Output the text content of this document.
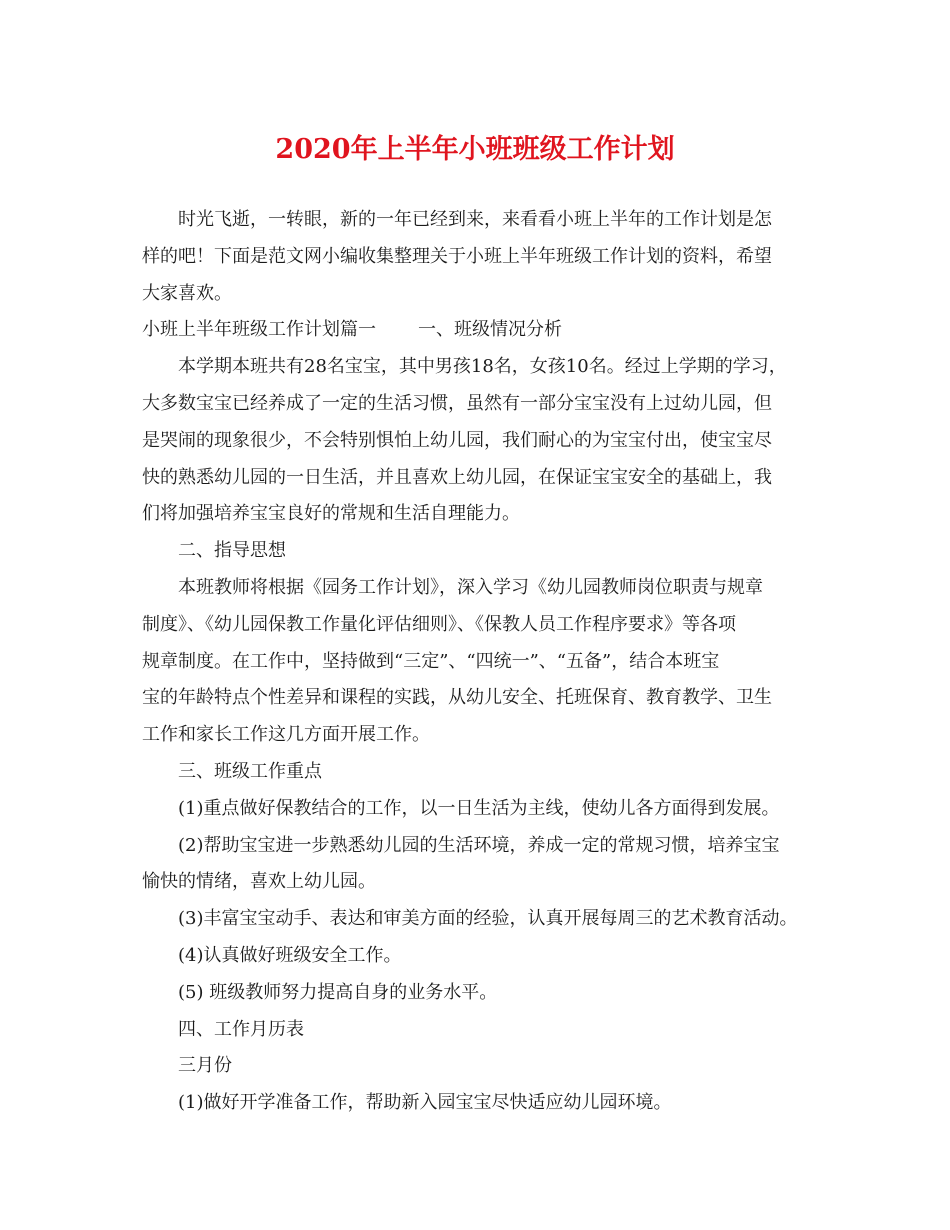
2020年上半年小班班级工作计划
时光飞逝，一转眼，新的一年已经到来，来看看小班上半年的工作计划是怎
样的吧！下面是范文网小编收集整理关于小班上半年班级工作计划的资料，希望
大家喜欢。
小班上半年班级工作计划篇一 一、班级情况分析
本学期本班共有28名宝宝，其中男孩18名，女孩10名。经过上学期的学习，
大多数宝宝已经养成了一定的生活习惯，虽然有一部分宝宝没有上过幼儿园，但
是哭闹的现象很少，不会特别惧怕上幼儿园，我们耐心的为宝宝付出，使宝宝尽
快的熟悉幼儿园的一日生活，并且喜欢上幼儿园，在保证宝宝安全的基础上，我
们将加强培养宝宝良好的常规和生活自理能力。
二、指导思想
本班教师将根据《园务工作计划》，深入学习《幼儿园教师岗位职责与规章
制度》、《幼儿园保教工作量化评估细则》、《保教人员工作程序要求》等各项
规章制度。在工作中，坚持做到“三定”、“四统一”、“五备”，结合本班宝
宝的年龄特点个性差异和课程的实践，从幼儿安全、托班保育、教育教学、卫生
工作和家长工作这几方面开展工作。
三、班级工作重点
(1)重点做好保教结合的工作，以一日生活为主线，使幼儿各方面得到发展。
(2)帮助宝宝进一步熟悉幼儿园的生活环境，养成一定的常规习惯，培养宝宝
愉快的情绪，喜欢上幼儿园。
(3)丰富宝宝动手、表达和审美方面的经验，认真开展每周三的艺术教育活动。
(4)认真做好班级安全工作。
(5) 班级教师努力提高自身的业务水平。
四、工作月历表
三月份
(1)做好开学准备工作，帮助新入园宝宝尽快适应幼儿园环境。
